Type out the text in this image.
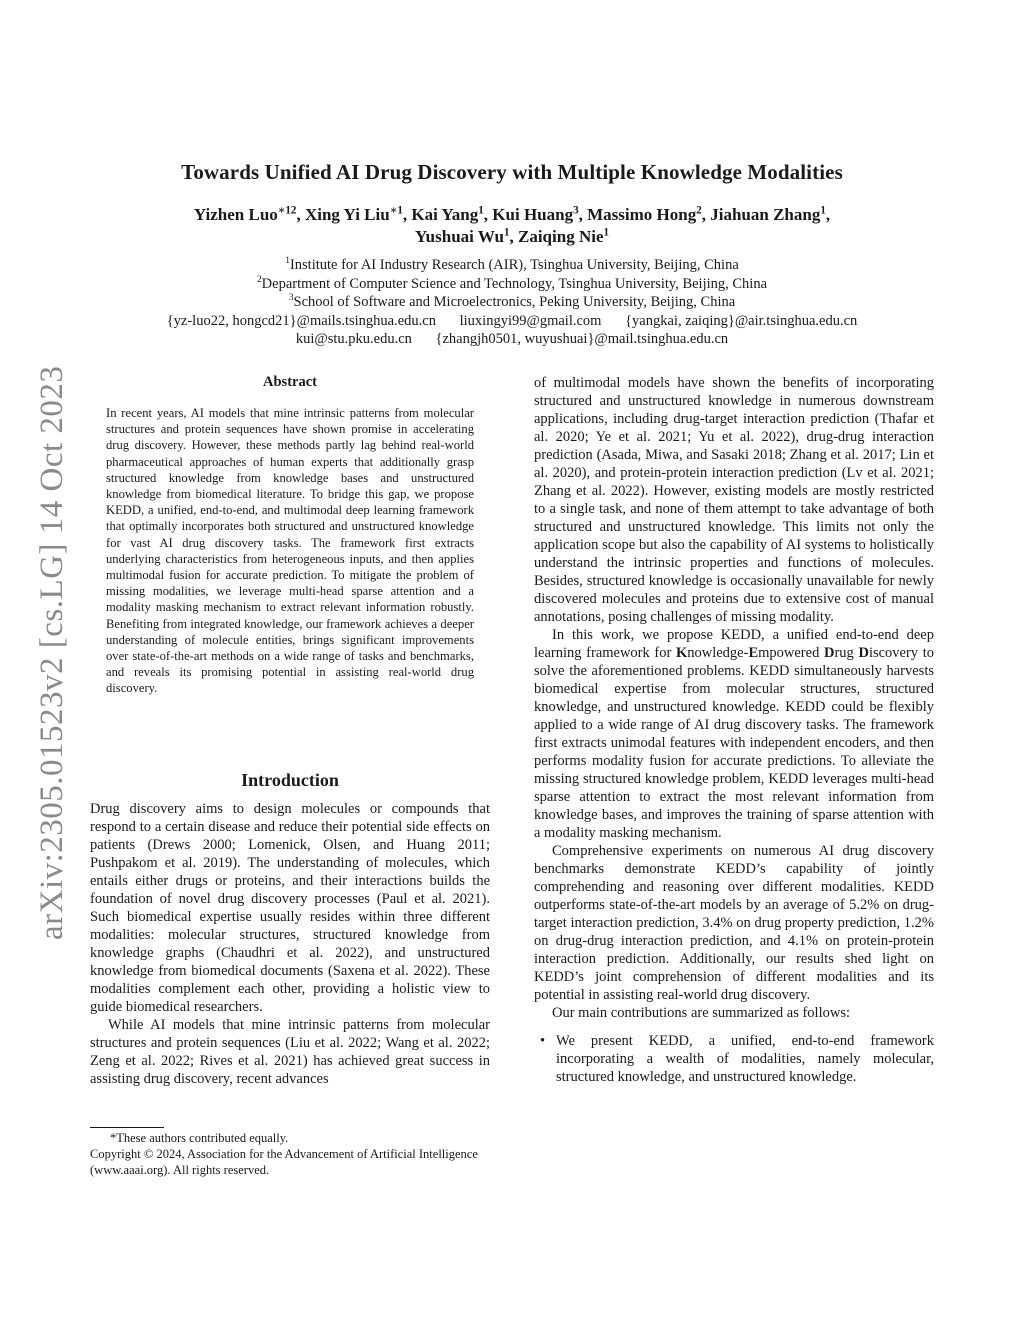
arXiv:2305.01523v2 [cs.LG] 14 Oct 2023
Towards Unified AI Drug Discovery with Multiple Knowledge Modalities
Yizhen Luo$^{∗12}$, Xing Yi Liu$^{∗1}$, Kai Yang$^1$, Kui Huang$^3$, Massimo Hong$^2$, Jiahuan Zhang$^1$,
Yushuai Wu$^1$, Zaiqing Nie$^1$
$^1$Institute for AI Industry Research (AIR), Tsinghua University, Beijing, China
$^2$Department of Computer Science and Technology, Tsinghua University, Beijing, China
$^3$School of Software and Microelectronics, Peking University, Beijing, China
{yz-luo22, hongcd21}@mails.tsinghua.edu.cn liuxingyi99@gmail.com {yangkai, zaiqing}@air.tsinghua.edu.cn
kui@stu.pku.edu.cn {zhangjh0501, wuyushuai}@mail.tsinghua.edu.cn
Abstract
In recent years, AI models that mine intrinsic patterns from molecular structures and protein sequences have shown promise in accelerating drug discovery. However, these methods partly lag behind real-world pharmaceutical approaches of human experts that additionally grasp structured knowledge from knowledge bases and unstructured knowledge from biomedical literature. To bridge this gap, we propose KEDD, a unified, end-to-end, and multimodal deep learning framework that optimally incorporates both structured and unstructured knowledge for vast AI drug discovery tasks. The framework first extracts underlying characteristics from heterogeneous inputs, and then applies multimodal fusion for accurate prediction. To mitigate the problem of missing modalities, we leverage multi-head sparse attention and a modality masking mechanism to extract relevant information robustly. Benefiting from integrated knowledge, our framework achieves a deeper understanding of molecule entities, brings significant improvements over state-of-the-art methods on a wide range of tasks and benchmarks, and reveals its promising potential in assisting real-world drug discovery.
Introduction

Drug discovery aims to design molecules or compounds that respond to a certain disease and reduce their potential side effects on patients (Drews 2000; Lomenick, Olsen, and Huang 2011; Pushpakom et al. 2019). The understanding of molecules, which entails either drugs or proteins, and their interactions builds the foundation of novel drug discovery processes (Paul et al. 2021). Such biomedical expertise usually resides within three different modalities: molecular structures, structured knowledge from knowledge graphs (Chaudhri et al. 2022), and unstructured knowledge from biomedical documents (Saxena et al. 2022). These modalities complement each other, providing a holistic view to guide biomedical researchers.

While AI models that mine intrinsic patterns from molecular structures and protein sequences (Liu et al. 2022; Wang et al. 2022; Zeng et al. 2022; Rives et al. 2021) has achieved great success in assisting drug discovery, recent advances

*These authors contributed equally.
Copyright © 2024, Association for the Advancement of Artificial Intelligence (www.aaai.org). All rights reserved.

of multimodal models have shown the benefits of incorporating structured and unstructured knowledge in numerous downstream applications, including drug-target interaction prediction (Thafar et al. 2020; Ye et al. 2021; Yu et al. 2022), drug-drug interaction prediction (Asada, Miwa, and Sasaki 2018; Zhang et al. 2017; Lin et al. 2020), and protein-protein interaction prediction (Lv et al. 2021; Zhang et al. 2022). However, existing models are mostly restricted to a single task, and none of them attempt to take advantage of both structured and unstructured knowledge. This limits not only the application scope but also the capability of AI systems to holistically understand the intrinsic properties and functions of molecules. Besides, structured knowledge is occasionally unavailable for newly discovered molecules and proteins due to extensive cost of manual annotations, posing challenges of missing modality.

In this work, we propose KEDD, a unified end-to-end deep learning framework for Knowledge-Empowered Drug Discovery to solve the aforementioned problems. KEDD simultaneously harvests biomedical expertise from molecular structures, structured knowledge, and unstructured knowledge. KEDD could be flexibly applied to a wide range of AI drug discovery tasks. The framework first extracts unimodal features with independent encoders, and then performs modality fusion for accurate predictions. To alleviate the missing structured knowledge problem, KEDD leverages multi-head sparse attention to extract the most relevant information from knowledge bases, and improves the training of sparse attention with a modality masking mechanism.

Comprehensive experiments on numerous AI drug discovery benchmarks demonstrate KEDD’s capability of jointly comprehending and reasoning over different modalities. KEDD outperforms state-of-the-art models by an average of 5.2% on drug-target interaction prediction, 3.4% on drug property prediction, 1.2% on drug-drug interaction prediction, and 4.1% on protein-protein interaction prediction. Additionally, our results shed light on KEDD’s joint comprehension of different modalities and its potential in assisting real-world drug discovery.

Our main contributions are summarized as follows:

• We present KEDD, a unified, end-to-end framework incorporating a wealth of modalities, namely molecular, structured knowledge, and unstructured knowledge.
